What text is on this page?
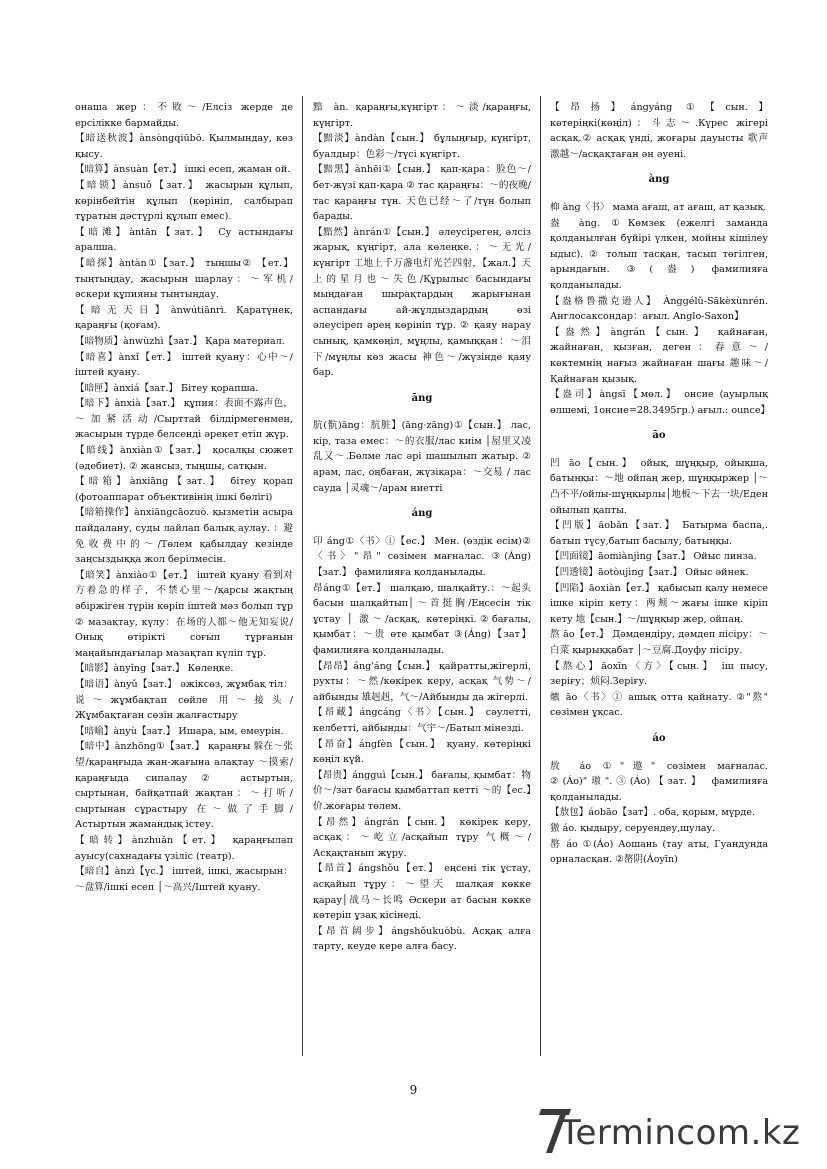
онаша жер：不敗～/Елсіз жерде де ерсілікке бармайды.

【暗送秋波】ànsòngqiūbō. Қылмындау, көз қысу.

【暗算】ànsuàn【ет.】 ішкі есеп, жаман ой.

【暗锁】ànsuǒ【зат.】 жасырын құлып, көрінбейтін құлып (көрініп, салбырап тұратын дәстүрлі құлып емес).

【暗滩】àntān【зат.】 Су астындағы аралша.

【暗探】àntàn①【зат.】 тыңшы② 【ет.】 тыңтыңдау, жасырын шарлау：～军机/әскери құпияны тыңтыңдау.

【暗无天日】ànwútiānrì. Қаратүнек, қараңғы (қоғам).

【暗物质】ànwùzhì【зат.】 Қара материал.

【暗喜】ànxǐ【ет.】 іштей қуану：心中～/іштей қуану.

【暗匣】ànxiá【зат.】 Бітеу қорапша.

【暗下】ànxià【зат.】 құпия：表面不露声色，～加紧活动/Сырттай білдірмегенмен, жасырын түрде белсенді әрекет етіп жүр.

【暗线】ànxiàn①【зат.】 қосалқы сюжет (әдебиет). ② жансыз, тыңшы, сатқын.

【暗箱】ànxiāng【зат.】 бітеу қорап (фотоаппарат объективінің ішкі бөлігі)

【暗箱操作】ànxiāngcāozuò. қызметін асыра пайдалану, суды лайлап балық аулау. ：避免收费中的～/Төлем қабылдау кезінде заңсыздыққа жол берілмесін.

【暗笑】ànxiào①【ет.】 іштей қуану 看到对方着急的样子，不禁心里～/қарсы жақтың әбіржіген түрін көріп іштей мәз болып тұр ② мазақтау, күлу：在场的人都～他无知妄说/Онық өтірікті соғып тұрғанын маңайындағылар мазақтап күліп тұр.

【暗影】ànyǐng【зат.】 Көлеңке.

【暗语】ànyǔ【зат.】 әжіксөз, жұмбақ тіл：说～жұмбақтап сөйле 用～接头/Жұмбақтаған сөзін жалғастыру

【暗喻】ànyù【зат.】 Ишара, ым, емеурін.

【暗中】ànzhōng①【зат.】 қараңғы 躲在～张望/қараңғыда жан-жағына алақтау ～摸索/қараңғыда сипалау② астыртын, сыртынан, байқатпай жақтан：～打听/сыртынан сұрастыру 在～做了手脚/Астыртын жамандық істеу.

【暗转】ànzhuǎn【ет.】 қараңғылап ауысу(сахнадағы үзіліс (театр).

【暗自】ànzì【үс.】 іштей, ішкі, жасырын：～盘算/ішкі есеп │～高兴/Іштей қуану.

黯 àn. қараңғы,күңгірт：～淡/қараңғы, күңгірт.

【黯淡】àndàn【сын.】 бұлыңғыр, күңгірт, буалдыр：色彩～/түсі күңгірт.

【黯黑】ànhēi①【сын.】 қап-қара：脸色～/бет-жүзі қап-қара ② тас қараңғы：～的夜晚/тас қараңғы түн. 天色已经～了/түн болып барады.

【黯然】ànrán①【сын.】 әлеусіреген, әлсіз жарық, күңгірт, ала көлеңке.：～无光/күңгірт 工地上千万盏电灯光芒四射，【жал.】天上的星月也～失色/Құрылыс басындағы мыңдаған шырақтардың жарығынан аспандағы ай-жұлдыздардың өзі әлеусіреп әрең көрініп тұр. ② қаяу нарау сынық, қамкөңіл, мұңлы, қамыққан：～泪下/мұңлы көз жасы 神色～/жүзінде қаяу бар.

āng

肮(骯)āng：肮脏】(āng·zāng)①【сын.】 лас, кір, таза емес：～的衣服/лас киім │屋里又凌乱又～.Бөлме лас әрі шашылып жатыр. ② арам, лас, оңбаған, жүзіқара：～交易 / лас сауда │灵魂～/арам ниетті

áng

卬 áng①〈书〉①【ес.】 Мен. (өздік есім)②〈书〉"昂" сөзімен мағналас. ③(Áng)【зат.】 фамилияға қолданылады.

昂áng①【ет.】 шалқаю, шалқайту.：～起头 басын шалқайтып│～首挺胸/Еңсесін тік ұстау │ 激～/асқақ, көтеріңкі.②бағалы, қымбат：～贵 өте қымбат ③(Áng)【зат】 фамилияға қолданылады.

【昂昂】áng'áng【сын.】 қайратты,жігерлі, рухты：～然/көкірек керу, асқақ 气势～/айбынды 雄赳赳，气～/Айбынды да жігерлі.

【昂藏】ángcáng〈书〉【сын.】 сәулетті, келбетті, айбынды：气宇～/Батыл мінезді.

【昂奋】ángfèn【сын.】 қуану. көтеріңкі көңіл күй.

【昂贵】ángguì【сын.】 бағалы, қымбат：物价～/зат бағасы қымбаттап кетті ～的【ес.】价.жоғары төлем.

【昂然】ángrán【сын.】 көкірек керу, асқақ：～屹立/асқайып тұру 气概～/Асқақтанып жүру.

【昂首】ángshǒu【ет.】 еңсені тік ұстау, асқайып тұру：～望天 шалқая көкке қарау│战马～长鸣 Әскери ат басын көкке көтеріп ұзақ кісінеді.

【昂首阔步】ángshǒukuòbù. Асқақ алға тарту, кеуде кере алға басу.

【昂扬】ángyáng ①【сын.】 көтеріңкі(көңіл)：斗志～.Күрес жігері асқақ.② асқақ үнді, жоғары дауысты 歌声激越～/асқақтаған ән әуені.

àng

枊 àng〈书〉 мама ағаш, ат ағаш, ат қазық.

盎 àng. ①Көмзек (ежелгі заманда қолданылған бүйірі үлкен, мойны кішілеу ыдыс). ② толып тасқан, тасып төгілген, арындағын. ③(盎) фамилияға қолданылады.

【盎格鲁撒克逊人】 Ànggélǔ-Sākèxùnrén. Англосаксондар：ағыл. Anglo-Saxon】

【盎然】àngrán【сын.】 қайнаған, жайнаған, қызған, деген：春意～/көктемнің нағыз жайнаған шағы 趣味～/Қайнаған қызық.

【盎司】àngsī【мөл.】 онсие (ауырлық өлшемі, 1онсие=28.3495гр.) ағыл.: ounce】

āo

凹 āo【сын.】 ойық, шұңқыр, ойықша, батыңқы：～地 ойпаң жер, шұңқыржер │～凸不平/ойлы-шұңқырлы│地板～下去一块/Еден ойылып қапты.

【凹版】āobǎn【зат.】 Батырма баспа,. батып түсу,батып басылу, батыңқы.

【凹面镜】āomiànjìng【зат.】 Ойыс линза.

【凹透镜】āotòujìng【зат.】 Ойыс әйнек.

【凹陷】āoxiàn【ет.】 қабысып қалу немесе ішке кіріп кету：两颊～жағы ішке кіріп кету 地【сын.】～/шұңқыр жер, ойпаң.

熬 āo【ет.】 Дәмдендіру, дәмдеп пісіру：～白菜 қырыққабат │～豆腐.Доуфу пісіру.

【熬心】āoxīn〈方〉【сын.】 іш пысу, зеріғу；烦闷.Зеріғу.

爊 āo〈书〉① ашық отта қайнату. ②"熬" сөзімен ұқсас.

áo

敖 áo ①"遨" сөзімен мағналас. ②(Áo)"璈".③(Áo)【зат.】 фамилияға қолданылады.

【敖包】áobāo【зат】. оба, қорым, мүрде.

獓 áo. қыдыру, серуендеу,шулау.

嶅 áo ①(Áo) Аошань (тау аты, Гуандунда орналасқан. ②嶅阴(Áoyīn)

9
Termincom.kz
